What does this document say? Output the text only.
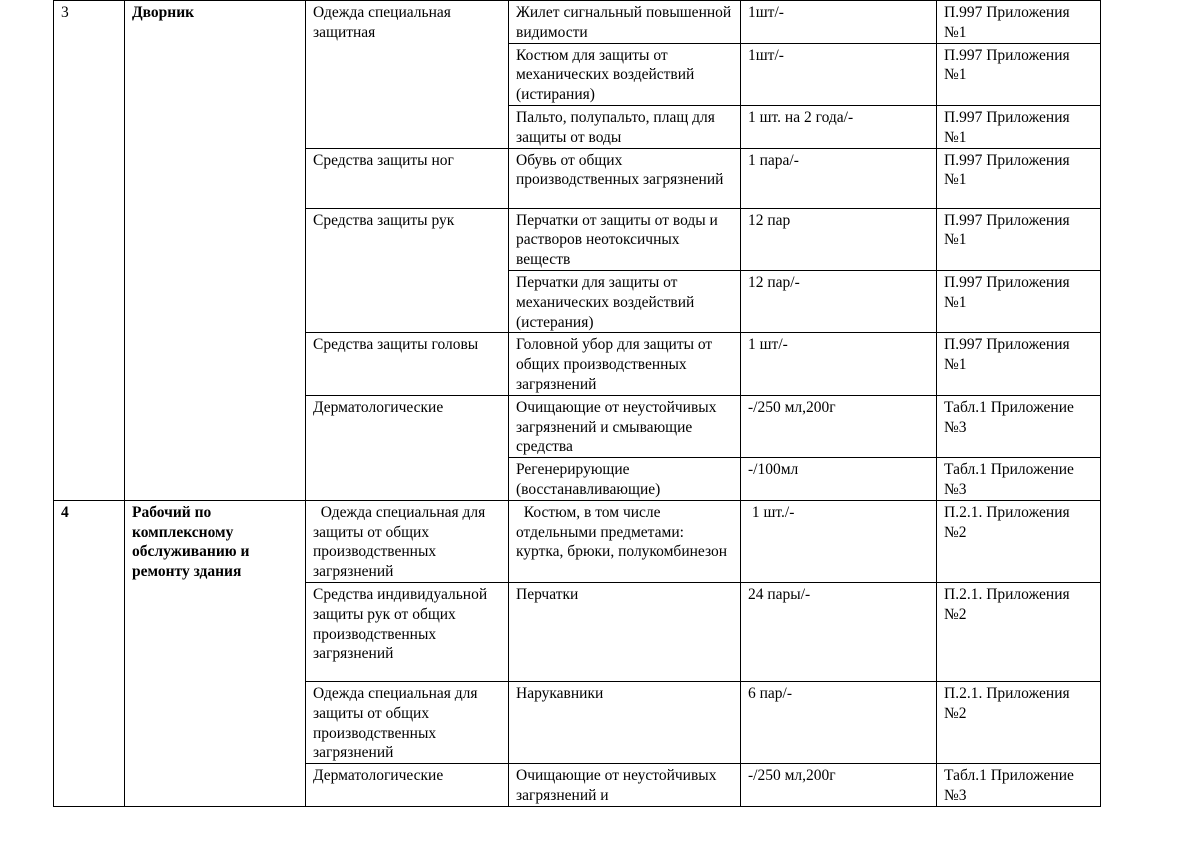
3	Дворник	Одежда специальная защитная	Жилет сигнальный повышенной видимости	1шт/-	П.997 Приложения №1
			Костюм для защиты от механических воздействий (истирания)	1шт/-	П.997 Приложения №1
			Пальто, полупальто, плащ для защиты от воды	1 шт. на 2 года/-	П.997 Приложения №1
		Средства защиты ног	Обувь от общих производственных загрязнений	1 пара/-	П.997 Приложения №1
		Средства защиты рук	Перчатки от защиты от воды и растворов неотоксичных веществ	12 пар	П.997 Приложения №1
			Перчатки для защиты от механических воздействий (истерания)	12 пар/-	П.997 Приложения №1
		Средства защиты головы	Головной убор для защиты от общих производственных загрязнений	1 шт/-	П.997 Приложения №1
		Дерматологические	Очищающие от неустойчивых загрязнений и смывающие средства	-/250 мл,200г	Табл.1 Приложение №3
			Регенерирующие (восстанавливающие)	-/100мл	Табл.1 Приложение №3
4	Рабочий по комплексному обслуживанию и ремонту здания	Одежда специальная для защиты от общих производственных загрязнений	Костюм, в том числе отдельными предметами: куртка, брюки, полукомбинезон	1 шт./-	П.2.1. Приложения №2
		Средства индивидуальной защиты рук от общих производственных загрязнений	Перчатки	24 пары/-	П.2.1. Приложения №2
		Одежда специальная для защиты от общих производственных загрязнений	Нарукавники	6 пар/-	П.2.1. Приложения №2
		Дерматологические	Очищающие от неустойчивых загрязнений и	-/250 мл,200г	Табл.1 Приложение №3
